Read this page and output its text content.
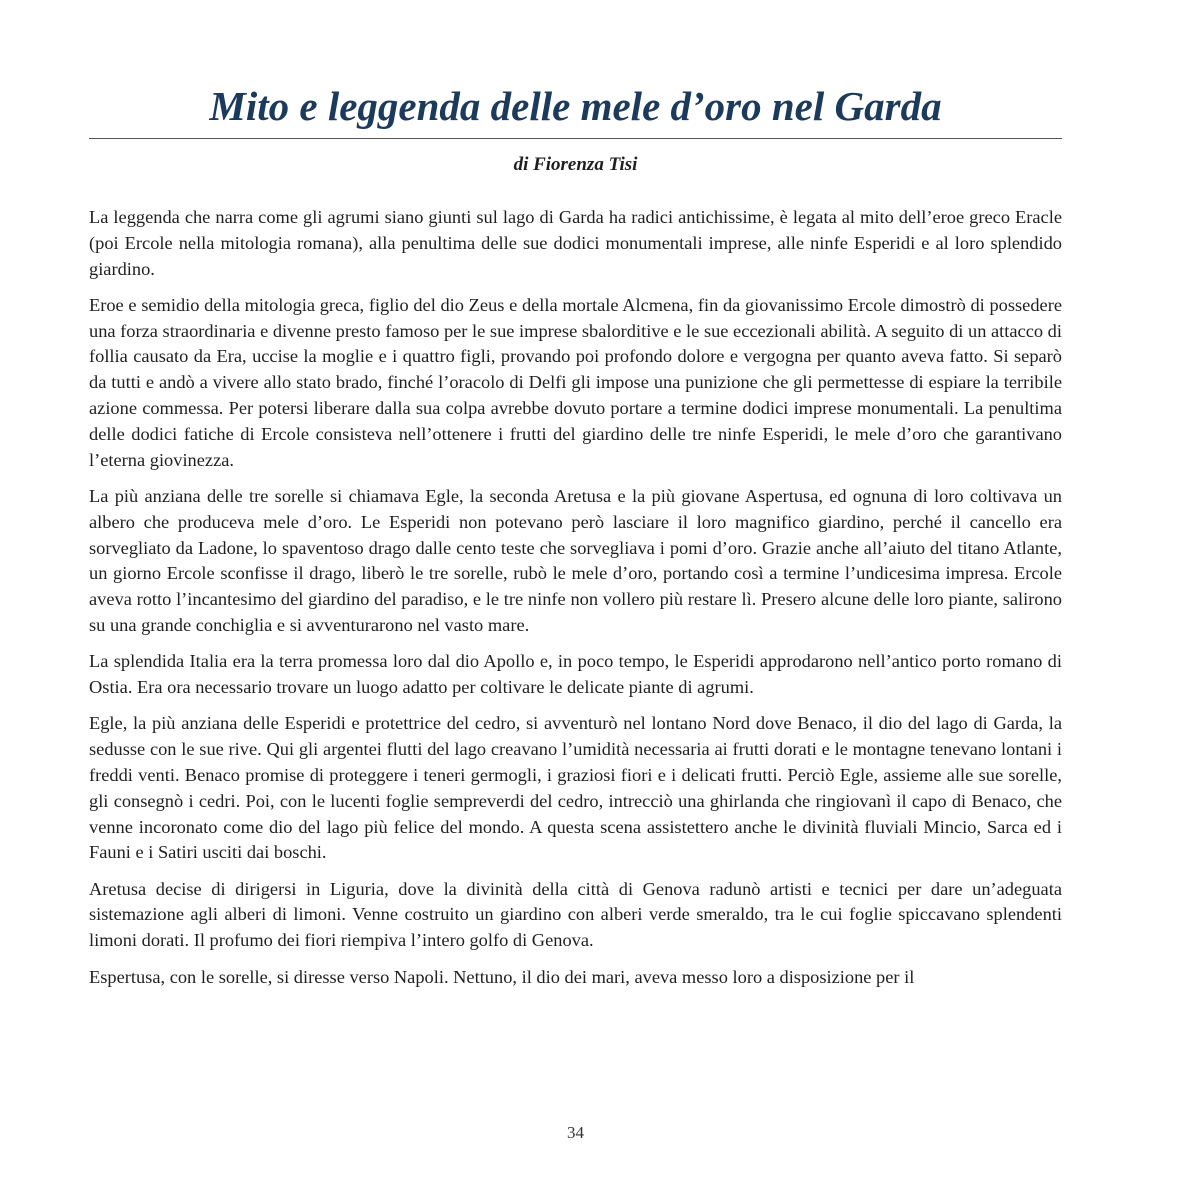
Mito e leggenda delle mele d’oro nel Garda
di Fiorenza Tisi

La leggenda che narra come gli agrumi siano giunti sul lago di Garda ha radici antichissime, è legata al mito dell’eroe greco Eracle (poi Ercole nella mitologia romana), alla penultima delle sue dodici monumentali imprese, alle ninfe Esperidi e al loro splendido giardino.

Eroe e semidio della mitologia greca, figlio del dio Zeus e della mortale Alcmena, fin da giovanissimo Ercole dimostrò di possedere una forza straordinaria e divenne presto famoso per le sue imprese sbalorditive e le sue eccezionali abilità. A seguito di un attacco di follia causato da Era, uccise la moglie e i quattro figli, provando poi profondo dolore e vergogna per quanto aveva fatto. Si separò da tutti e andò a vivere allo stato brado, finché l’oracolo di Delfi gli impose una punizione che gli permettesse di espiare la terribile azione commessa. Per potersi liberare dalla sua colpa avrebbe dovuto portare a termine dodici imprese monumentali. La penultima delle dodici fatiche di Ercole consisteva nell’ottenere i frutti del giardino delle tre ninfe Esperidi, le mele d’oro che garantivano l’eterna giovinezza.

La più anziana delle tre sorelle si chiamava Egle, la seconda Aretusa e la più giovane Aspertusa, ed ognuna di loro coltivava un albero che produceva mele d’oro. Le Esperidi non potevano però lasciare il loro magnifico giardino, perché il cancello era sorvegliato da Ladone, lo spaventoso drago dalle cento teste che sorvegliava i pomi d’oro. Grazie anche all’aiuto del titano Atlante, un giorno Ercole sconfisse il drago, liberò le tre sorelle, rubò le mele d’oro, portando così a termine l’undicesima impresa. Ercole aveva rotto l’incantesimo del giardino del paradiso, e le tre ninfe non vollero più restare lì. Presero alcune delle loro piante, salirono su una grande conchiglia e si avventurarono nel vasto mare.

La splendida Italia era la terra promessa loro dal dio Apollo e, in poco tempo, le Esperidi approdarono nell’antico porto romano di Ostia. Era ora necessario trovare un luogo adatto per coltivare le delicate piante di agrumi.

Egle, la più anziana delle Esperidi e protettrice del cedro, si avventurò nel lontano Nord dove Benaco, il dio del lago di Garda, la sedusse con le sue rive. Qui gli argentei flutti del lago creavano l’umidità necessaria ai frutti dorati e le montagne tenevano lontani i freddi venti. Benaco promise di proteggere i teneri germogli, i graziosi fiori e i delicati frutti. Perciò Egle, assieme alle sue sorelle, gli consegnò i cedri. Poi, con le lucenti foglie sempreverdi del cedro, intrecciò una ghirlanda che ringiovanì il capo di Benaco, che venne incoronato come dio del lago più felice del mondo. A questa scena assistettero anche le divinità fluviali Mincio, Sarca ed i Fauni e i Satiri usciti dai boschi.

Aretusa decise di dirigersi in Liguria, dove la divinità della città di Genova radunò artisti e tecnici per dare un’adeguata sistemazione agli alberi di limoni. Venne costruito un giardino con alberi verde smeraldo, tra le cui foglie spiccavano splendenti limoni dorati. Il profumo dei fiori riempiva l’intero golfo di Genova.

Espertusa, con le sorelle, si diresse verso Napoli. Nettuno, il dio dei mari, aveva messo loro a disposizione per il

34
